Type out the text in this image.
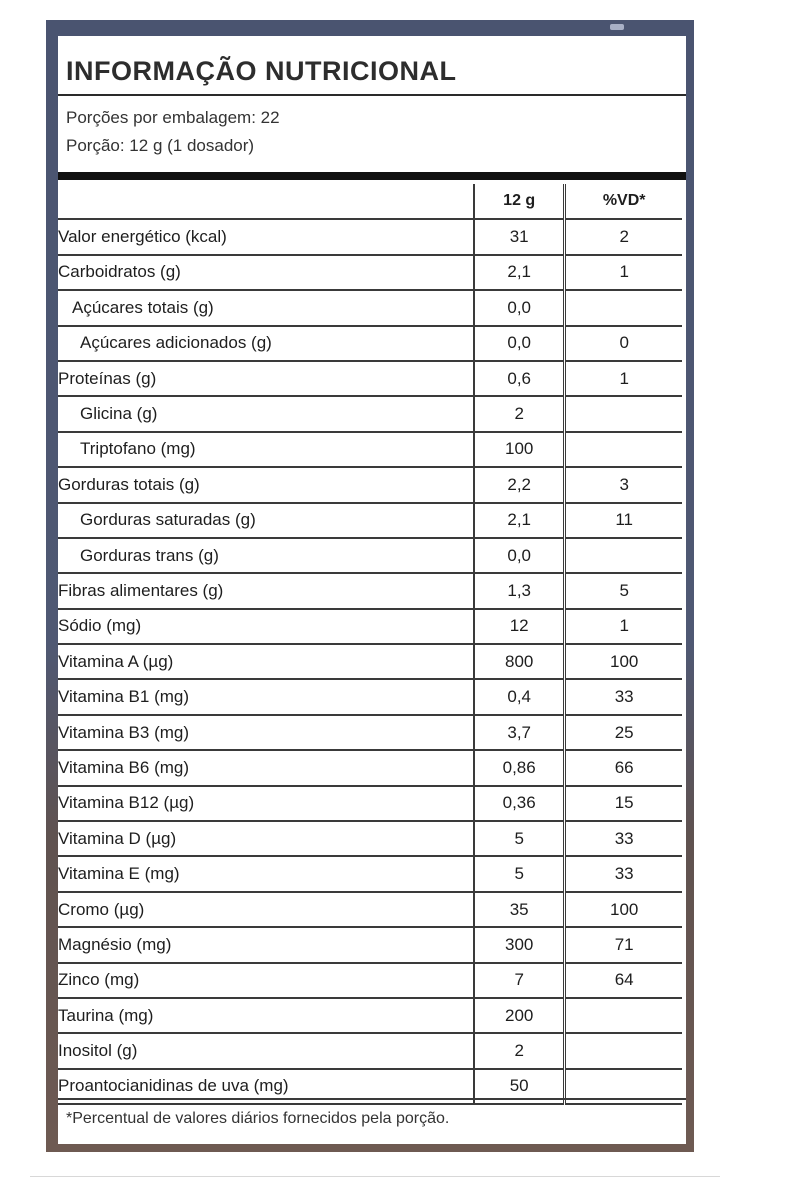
INFORMAÇÃO NUTRICIONAL
Porções por embalagem: 22
Porção: 12 g (1 dosador)
	12 g	%VD*
Valor energético (kcal)	31	2
Carboidratos (g)	2,1	1
Açúcares totais (g)	0,0	
Açúcares adicionados (g)	0,0	0
Proteínas (g)	0,6	1
Glicina (g)	2	
Triptofano (mg)	100	
Gorduras totais (g)	2,2	3
Gorduras saturadas (g)	2,1	11
Gorduras trans (g)	0,0	
Fibras alimentares (g)	1,3	5
Sódio (mg)	12	1
Vitamina A (µg)	800	100
Vitamina B1 (mg)	0,4	33
Vitamina B3 (mg)	3,7	25
Vitamina B6 (mg)	0,86	66
Vitamina B12 (µg)	0,36	15
Vitamina D (µg)	5	33
Vitamina E (mg)	5	33
Cromo (µg)	35	100
Magnésio (mg)	300	71
Zinco (mg)	7	64
Taurina (mg)	200	
Inositol (g)	2	
Proantocianidinas de uva (mg)	50	
*Percentual de valores diários fornecidos pela porção.
